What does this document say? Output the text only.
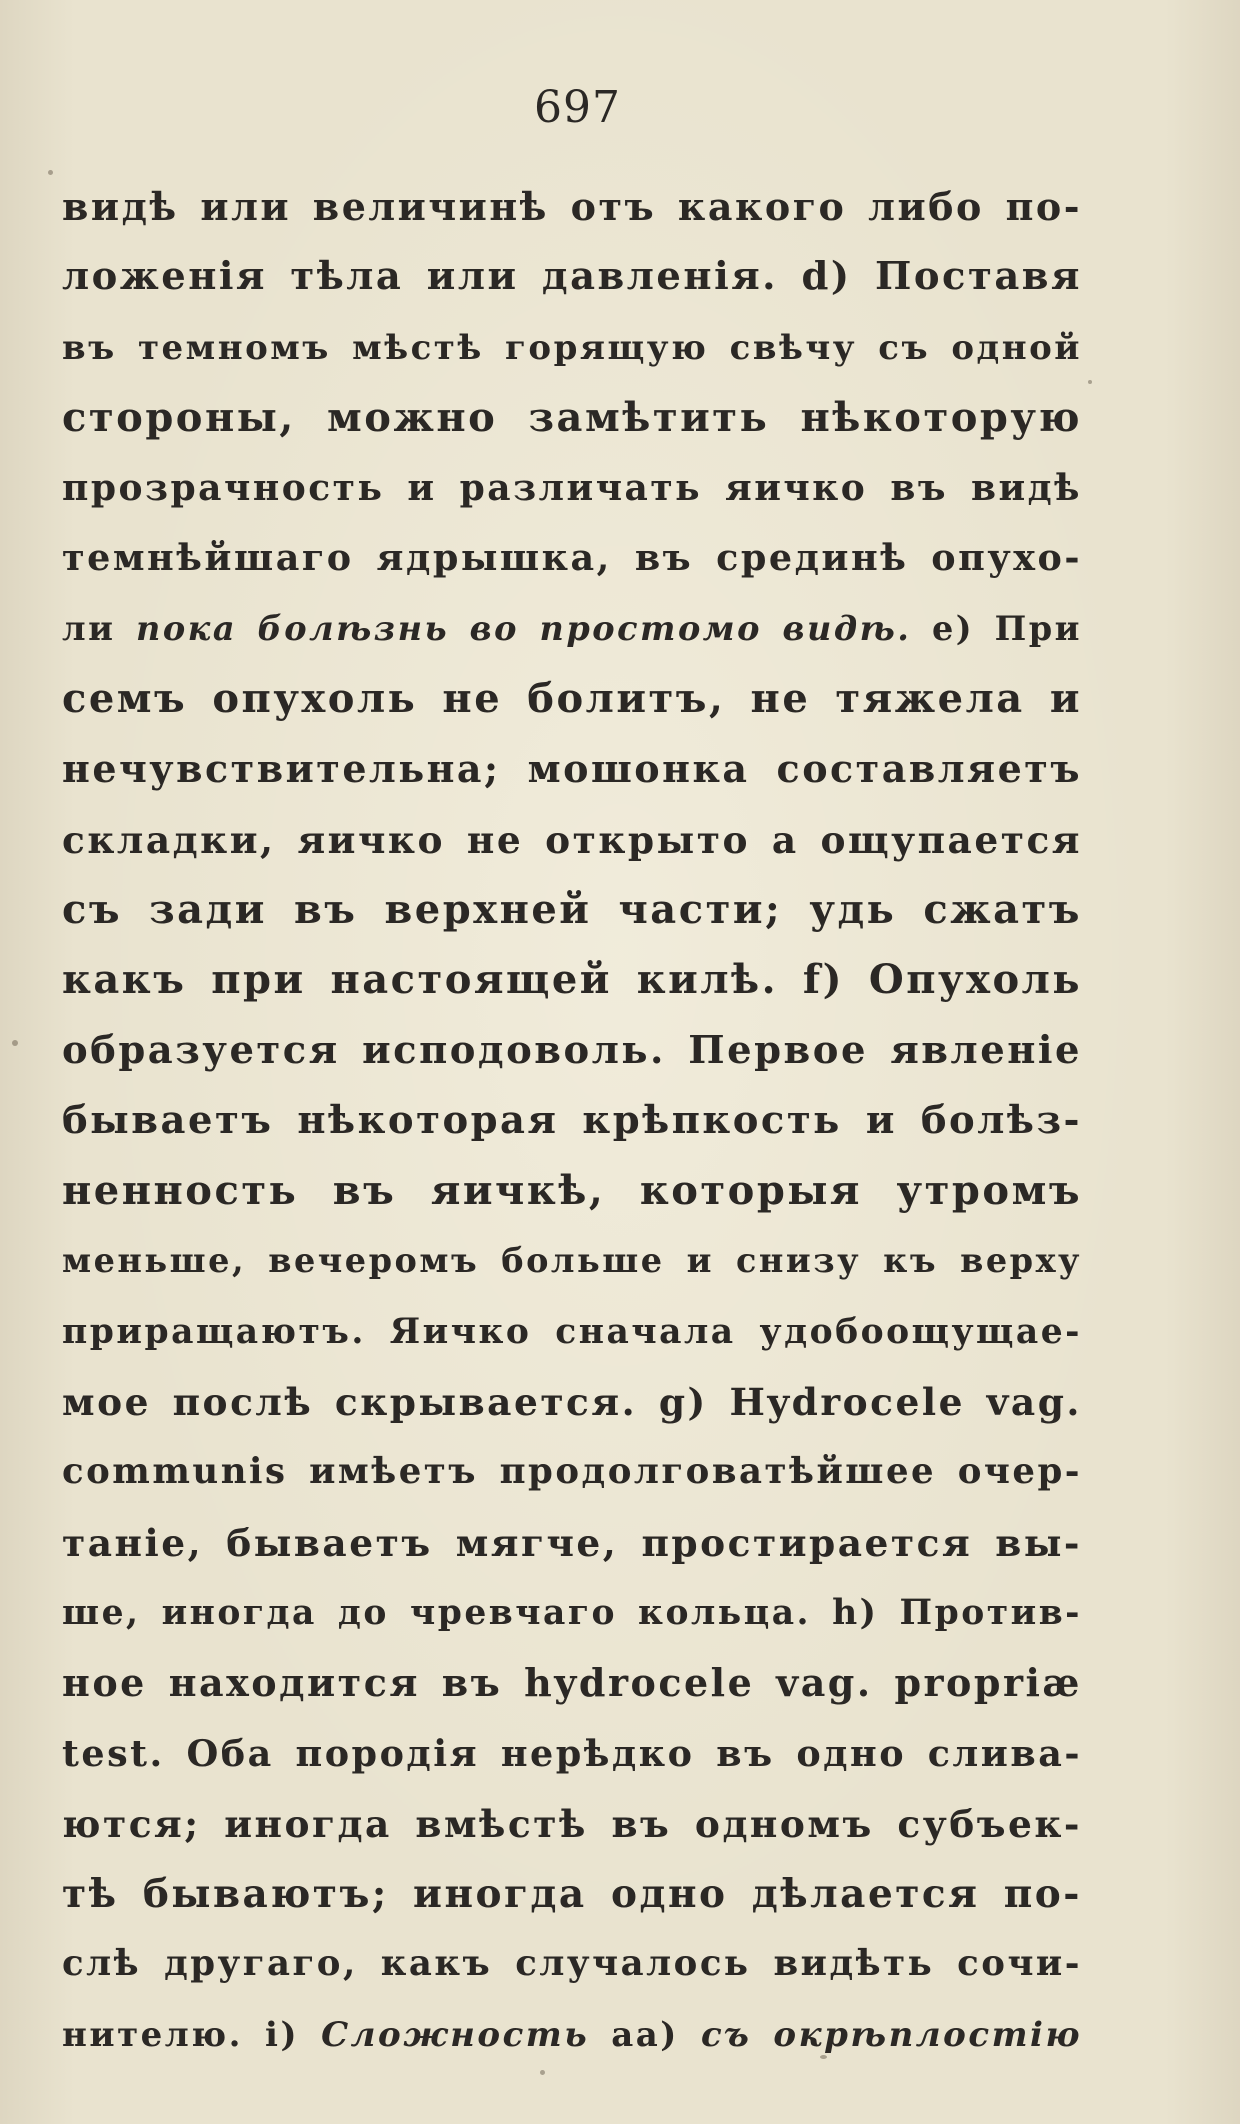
697
видѣ или величинѣ отъ какого либо по-
ложенія тѣла или давленія. d) Поставя
въ темномъ мѣстѣ горящую свѣчу съ одной
стороны, можно замѣтить нѣкоторую
прозрачность и различать яичко въ видѣ
темнѣйшаго ядрышка, въ срединѣ опухо-
ли пока болѣзнь во простомо видѣ. e) При
семъ опухоль не болитъ, не тяжела и
нечувствительна; мошонка составляетъ
складки, яичко не открыто а ощупается
съ зади въ верхней части; удь сжатъ
какъ при настоящей килѣ. f) Опухоль
образуется исподоволь. Первое явленіе
бываетъ нѣкоторая крѣпкость и болѣз-
ненность въ яичкѣ, которыя утромъ
меньше, вечеромъ больше и снизу къ верху
приращаютъ. Яичко сначала удобоощущае-
мое послѣ скрывается. g) Hydrocele vag.
communis имѣетъ продолговатѣйшее очер-
таніе, бываетъ мягче, простирается вы-
ше, иногда до чревчаго кольца. h) Против-
ное находится въ hydrocele vag. propriæ
test. Оба породія нерѣдко въ одно слива-
ются; иногда вмѣстѣ въ одномъ субъек-
тѣ бываютъ; иногда одно дѣлается по-
слѣ другаго, какъ случалось видѣть сочи-
нителю. i) Сложность aa) съ окрѣплостію
